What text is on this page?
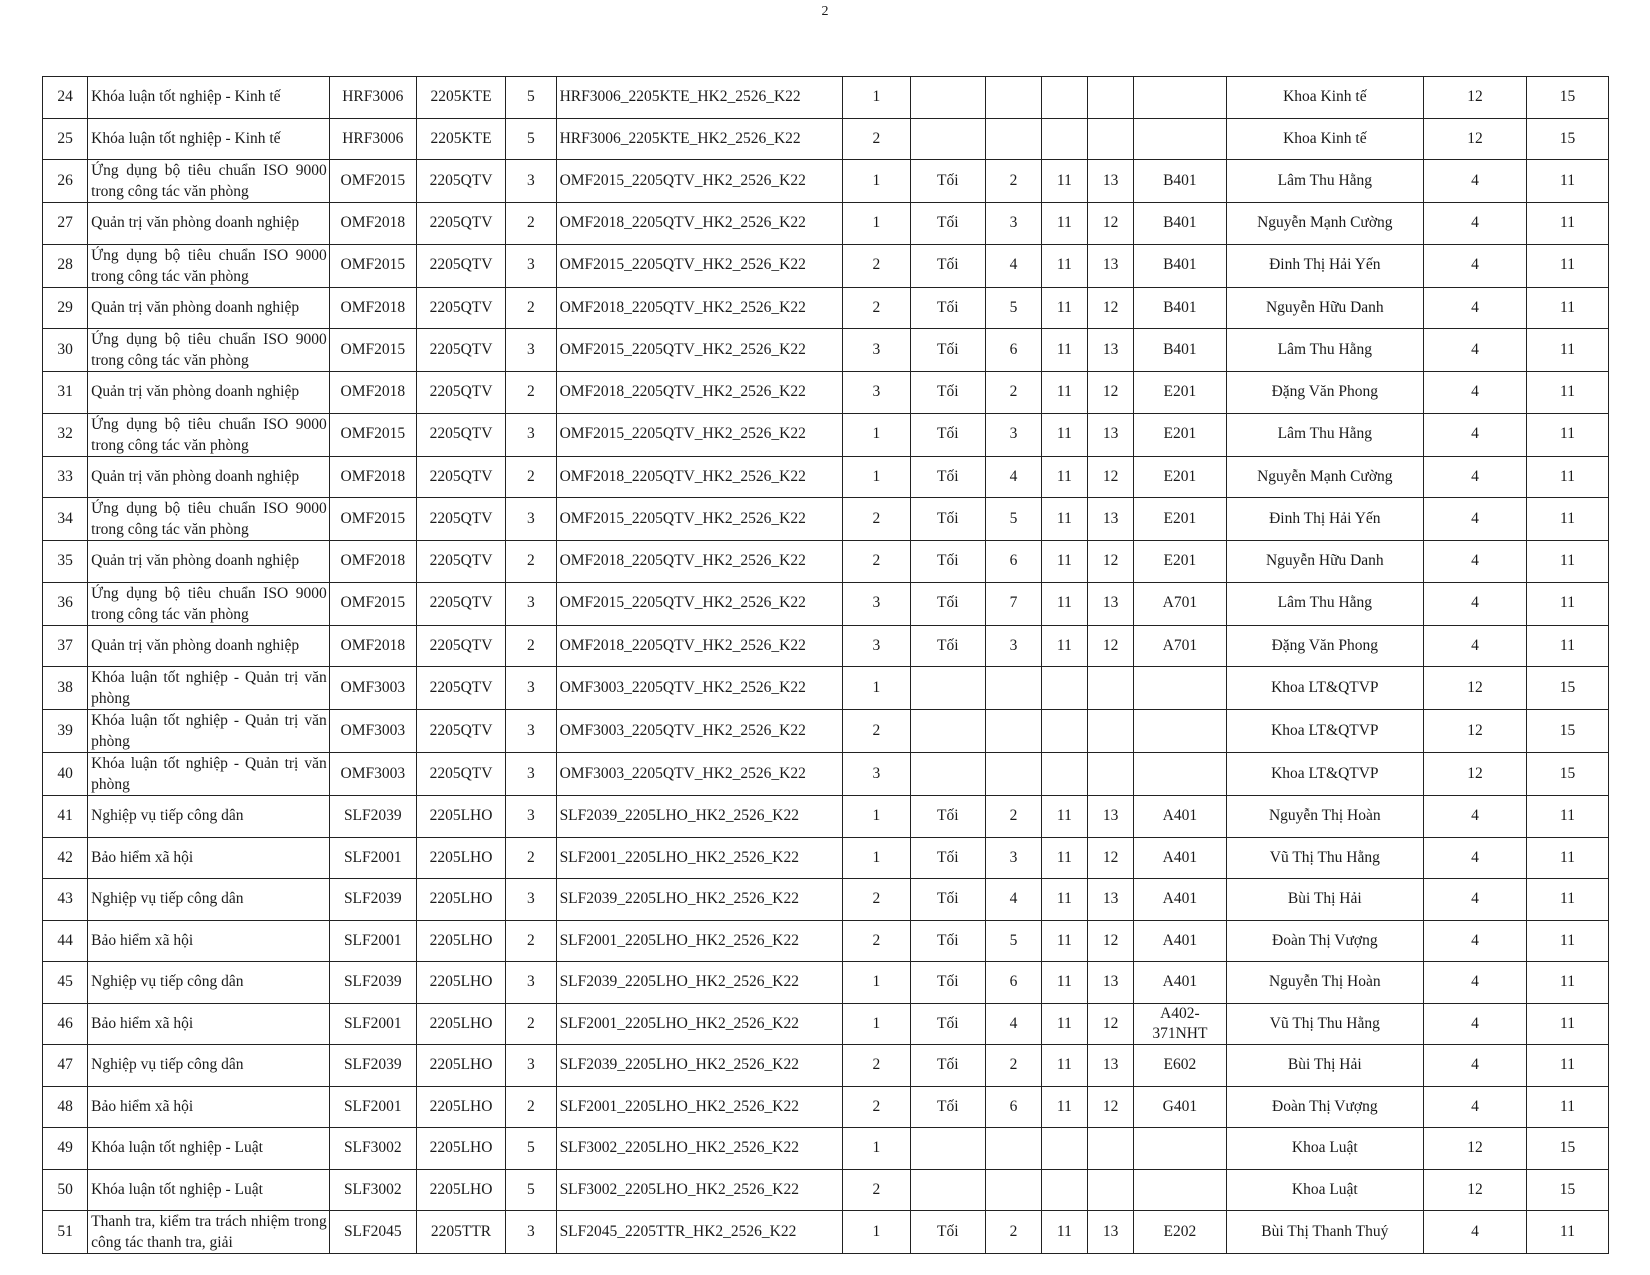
2
24	Khóa luận tốt nghiệp - Kinh tế	HRF3006	2205KTE	5	HRF3006_2205KTE_HK2_2526_K22	1						Khoa Kinh tế	12	15
25	Khóa luận tốt nghiệp - Kinh tế	HRF3006	2205KTE	5	HRF3006_2205KTE_HK2_2526_K22	2						Khoa Kinh tế	12	15
26	Ứng dụng bộ tiêu chuẩn ISO 9000 trong công tác văn phòng	OMF2015	2205QTV	3	OMF2015_2205QTV_HK2_2526_K22	1	Tối	2	11	13	B401	Lâm Thu Hằng	4	11
27	Quản trị văn phòng doanh nghiệp	OMF2018	2205QTV	2	OMF2018_2205QTV_HK2_2526_K22	1	Tối	3	11	12	B401	Nguyễn Mạnh Cường	4	11
28	Ứng dụng bộ tiêu chuẩn ISO 9000 trong công tác văn phòng	OMF2015	2205QTV	3	OMF2015_2205QTV_HK2_2526_K22	2	Tối	4	11	13	B401	Đinh Thị Hải Yến	4	11
29	Quản trị văn phòng doanh nghiệp	OMF2018	2205QTV	2	OMF2018_2205QTV_HK2_2526_K22	2	Tối	5	11	12	B401	Nguyễn Hữu Danh	4	11
30	Ứng dụng bộ tiêu chuẩn ISO 9000 trong công tác văn phòng	OMF2015	2205QTV	3	OMF2015_2205QTV_HK2_2526_K22	3	Tối	6	11	13	B401	Lâm Thu Hằng	4	11
31	Quản trị văn phòng doanh nghiệp	OMF2018	2205QTV	2	OMF2018_2205QTV_HK2_2526_K22	3	Tối	2	11	12	E201	Đặng Văn Phong	4	11
32	Ứng dụng bộ tiêu chuẩn ISO 9000 trong công tác văn phòng	OMF2015	2205QTV	3	OMF2015_2205QTV_HK2_2526_K22	1	Tối	3	11	13	E201	Lâm Thu Hằng	4	11
33	Quản trị văn phòng doanh nghiệp	OMF2018	2205QTV	2	OMF2018_2205QTV_HK2_2526_K22	1	Tối	4	11	12	E201	Nguyễn Mạnh Cường	4	11
34	Ứng dụng bộ tiêu chuẩn ISO 9000 trong công tác văn phòng	OMF2015	2205QTV	3	OMF2015_2205QTV_HK2_2526_K22	2	Tối	5	11	13	E201	Đinh Thị Hải Yến	4	11
35	Quản trị văn phòng doanh nghiệp	OMF2018	2205QTV	2	OMF2018_2205QTV_HK2_2526_K22	2	Tối	6	11	12	E201	Nguyễn Hữu Danh	4	11
36	Ứng dụng bộ tiêu chuẩn ISO 9000 trong công tác văn phòng	OMF2015	2205QTV	3	OMF2015_2205QTV_HK2_2526_K22	3	Tối	7	11	13	A701	Lâm Thu Hằng	4	11
37	Quản trị văn phòng doanh nghiệp	OMF2018	2205QTV	2	OMF2018_2205QTV_HK2_2526_K22	3	Tối	3	11	12	A701	Đặng Văn Phong	4	11
38	Khóa luận tốt nghiệp - Quản trị văn phòng	OMF3003	2205QTV	3	OMF3003_2205QTV_HK2_2526_K22	1						Khoa LT&QTVP	12	15
39	Khóa luận tốt nghiệp - Quản trị văn phòng	OMF3003	2205QTV	3	OMF3003_2205QTV_HK2_2526_K22	2						Khoa LT&QTVP	12	15
40	Khóa luận tốt nghiệp - Quản trị văn phòng	OMF3003	2205QTV	3	OMF3003_2205QTV_HK2_2526_K22	3						Khoa LT&QTVP	12	15
41	Nghiệp vụ tiếp công dân	SLF2039	2205LHO	3	SLF2039_2205LHO_HK2_2526_K22	1	Tối	2	11	13	A401	Nguyễn Thị Hoàn	4	11
42	Bảo hiểm xã hội	SLF2001	2205LHO	2	SLF2001_2205LHO_HK2_2526_K22	1	Tối	3	11	12	A401	Vũ Thị Thu Hằng	4	11
43	Nghiệp vụ tiếp công dân	SLF2039	2205LHO	3	SLF2039_2205LHO_HK2_2526_K22	2	Tối	4	11	13	A401	Bùi Thị Hải	4	11
44	Bảo hiểm xã hội	SLF2001	2205LHO	2	SLF2001_2205LHO_HK2_2526_K22	2	Tối	5	11	12	A401	Đoàn Thị Vượng	4	11
45	Nghiệp vụ tiếp công dân	SLF2039	2205LHO	3	SLF2039_2205LHO_HK2_2526_K22	1	Tối	6	11	13	A401	Nguyễn Thị Hoàn	4	11
46	Bảo hiểm xã hội	SLF2001	2205LHO	2	SLF2001_2205LHO_HK2_2526_K22	1	Tối	4	11	12	A402-371NHT	Vũ Thị Thu Hằng	4	11
47	Nghiệp vụ tiếp công dân	SLF2039	2205LHO	3	SLF2039_2205LHO_HK2_2526_K22	2	Tối	2	11	13	E602	Bùi Thị Hải	4	11
48	Bảo hiểm xã hội	SLF2001	2205LHO	2	SLF2001_2205LHO_HK2_2526_K22	2	Tối	6	11	12	G401	Đoàn Thị Vượng	4	11
49	Khóa luận tốt nghiệp - Luật	SLF3002	2205LHO	5	SLF3002_2205LHO_HK2_2526_K22	1						Khoa Luật	12	15
50	Khóa luận tốt nghiệp - Luật	SLF3002	2205LHO	5	SLF3002_2205LHO_HK2_2526_K22	2						Khoa Luật	12	15
51	Thanh tra, kiểm tra trách nhiệm trong công tác thanh tra, giải	SLF2045	2205TTR	3	SLF2045_2205TTR_HK2_2526_K22	1	Tối	2	11	13	E202	Bùi Thị Thanh Thuý	4	11
